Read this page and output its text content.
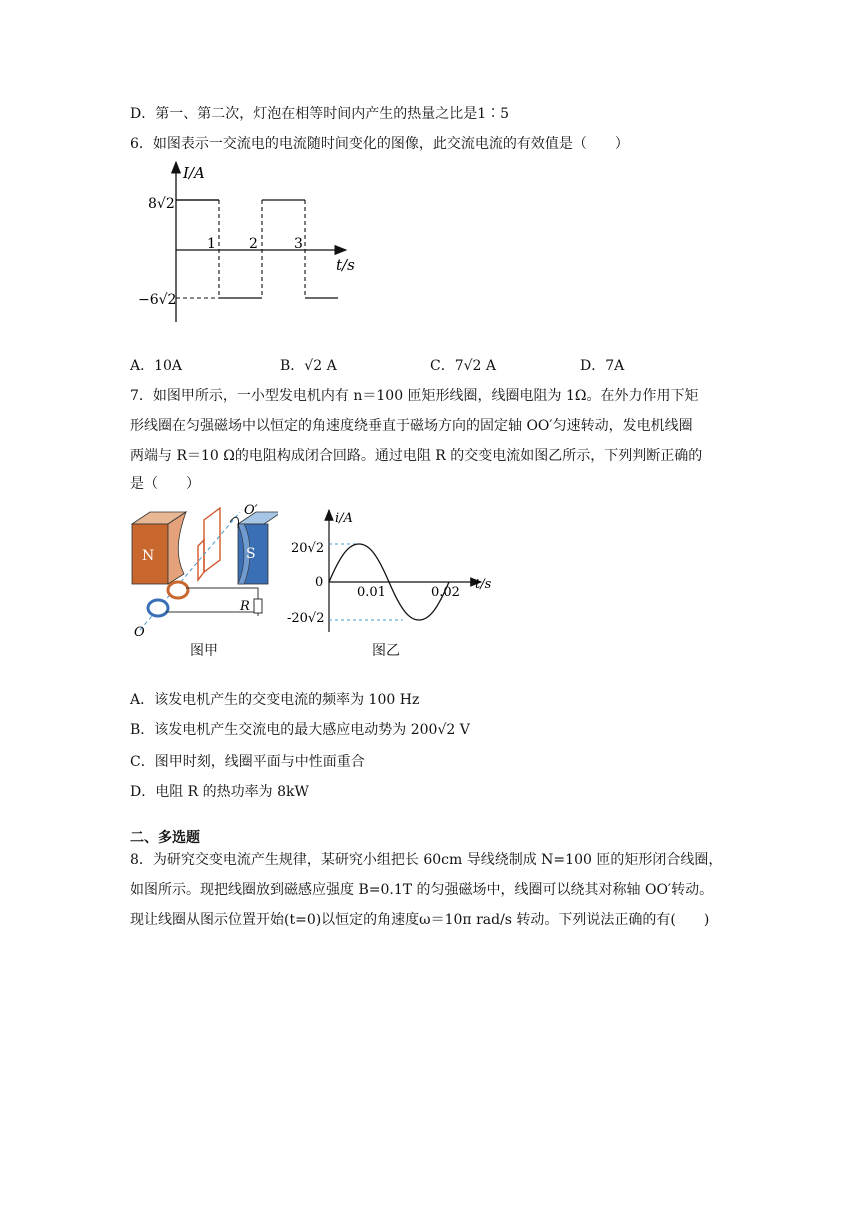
D．第一、第二次，灯泡在相等时间内产生的热量之比是1∶5
6．如图表示一交流电的电流随时间变化的图像，此交流电流的有效值是（　　）
I/A
t/s
8√2
−6√2
1 2	3
A．10A	B．√2 A	C．7√2 A	D．7A
7．如图甲所示，一小型发电机内有 n＝100 匝矩形线圈，线圈电阻为 1Ω。在外力作用下矩
形线圈在匀强磁场中以恒定的角速度绕垂直于磁场方向的固定轴 OO′匀速转动，发电机线圈
两端与 R＝10 Ω的电阻构成闭合回路。通过电阻 R 的交变电流如图乙所示，下列判断正确的
是（　　）
N	S
O′
O
R
图甲
i/A
t/s
0
20√2
-20√2
0.01	0.02
图乙
A．该发电机产生的交变电流的频率为 100 Hz
B．该发电机产生交流电的最大感应电动势为 200√2 V
C．图甲时刻，线圈平面与中性面重合
D．电阻 R 的热功率为 8kW
二、多选题
8．为研究交变电流产生规律，某研究小组把长 60cm 导线绕制成 N=100 匝的矩形闭合线圈，
如图所示。现把线圈放到磁感应强度 B=0.1T 的匀强磁场中，线圈可以绕其对称轴 OO′转动。
现让线圈从图示位置开始(t=0)以恒定的角速度ω＝10π rad/s 转动。下列说法正确的有(　　)
